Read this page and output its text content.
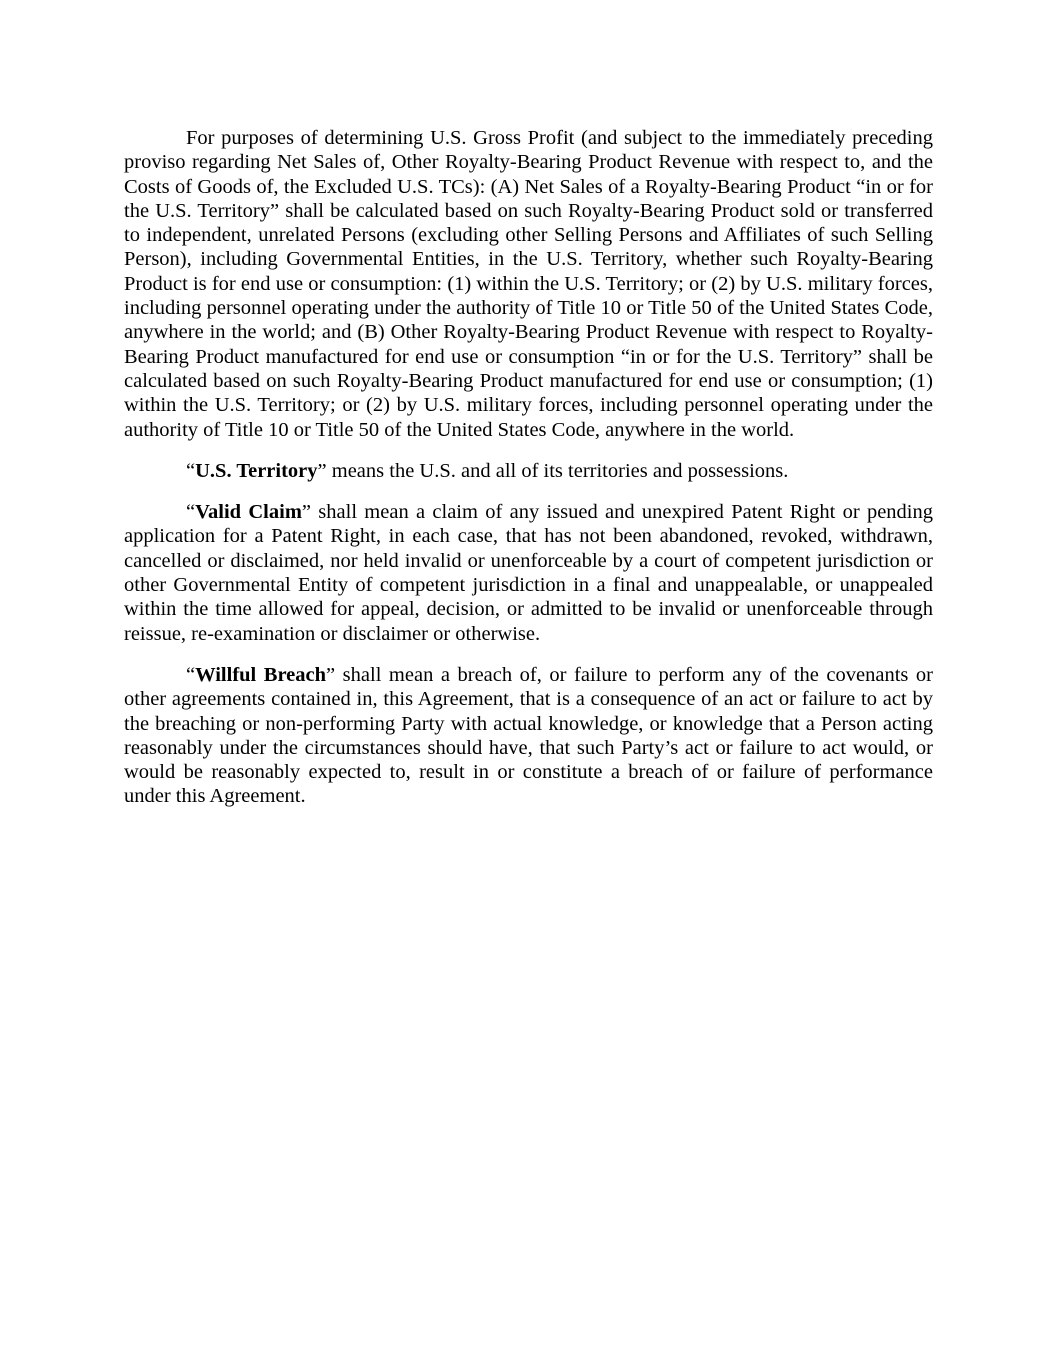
For purposes of determining U.S. Gross Profit (and subject to the immediately preceding proviso regarding Net Sales of, Other Royalty-Bearing Product Revenue with respect to, and the Costs of Goods of, the Excluded U.S. TCs): (A) Net Sales of a Royalty-Bearing Product “in or for the U.S. Territory” shall be calculated based on such Royalty-Bearing Product sold or transferred to independent, unrelated Persons (excluding other Selling Persons and Affiliates of such Selling Person), including Governmental Entities, in the U.S. Territory, whether such Royalty-Bearing Product is for end use or consumption: (1) within the U.S. Territory; or (2) by U.S. military forces, including personnel operating under the authority of Title 10 or Title 50 of the United States Code, anywhere in the world; and (B) Other Royalty-Bearing Product Revenue with respect to Royalty-Bearing Product manufactured for end use or consumption “in or for the U.S. Territory” shall be calculated based on such Royalty-Bearing Product manufactured for end use or consumption; (1) within the U.S. Territory; or (2) by U.S. military forces, including personnel operating under the authority of Title 10 or Title 50 of the United States Code, anywhere in the world.

“U.S. Territory” means the U.S. and all of its territories and possessions.

“Valid Claim” shall mean a claim of any issued and unexpired Patent Right or pending application for a Patent Right, in each case, that has not been abandoned, revoked, withdrawn, cancelled or disclaimed, nor held invalid or unenforceable by a court of competent jurisdiction or other Governmental Entity of competent jurisdiction in a final and unappealable, or unappealed within the time allowed for appeal, decision, or admitted to be invalid or unenforceable through reissue, re-examination or disclaimer or otherwise.

“Willful Breach” shall mean a breach of, or failure to perform any of the covenants or other agreements contained in, this Agreement, that is a consequence of an act or failure to act by the breaching or non-performing Party with actual knowledge, or knowledge that a Person acting reasonably under the circumstances should have, that such Party’s act or failure to act would, or would be reasonably expected to, result in or constitute a breach of or failure of performance under this Agreement.
